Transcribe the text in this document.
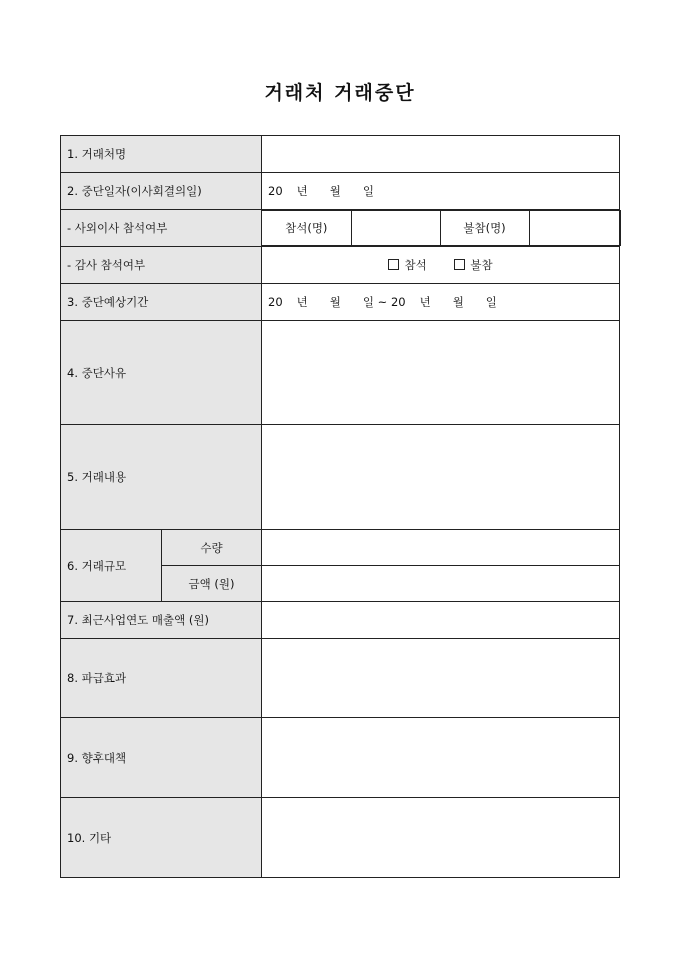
거래처 거래중단
1. 거래처명	
2. 중단일자(이사회결의일)	20 년 월 일
- 사외이사 참석여부		참석(명)		불참(명)	

- 감사 참석여부	참석	불참
3. 중단예상기간	20 년 월 일 ~ 20 년 월 일
4. 중단사유	
5. 거래내용	
6. 거래규모	수량	
금액 (원)	
7. 최근사업연도 매출액 (원)	
8. 파급효과	
9. 향후대책	
10. 기타	
